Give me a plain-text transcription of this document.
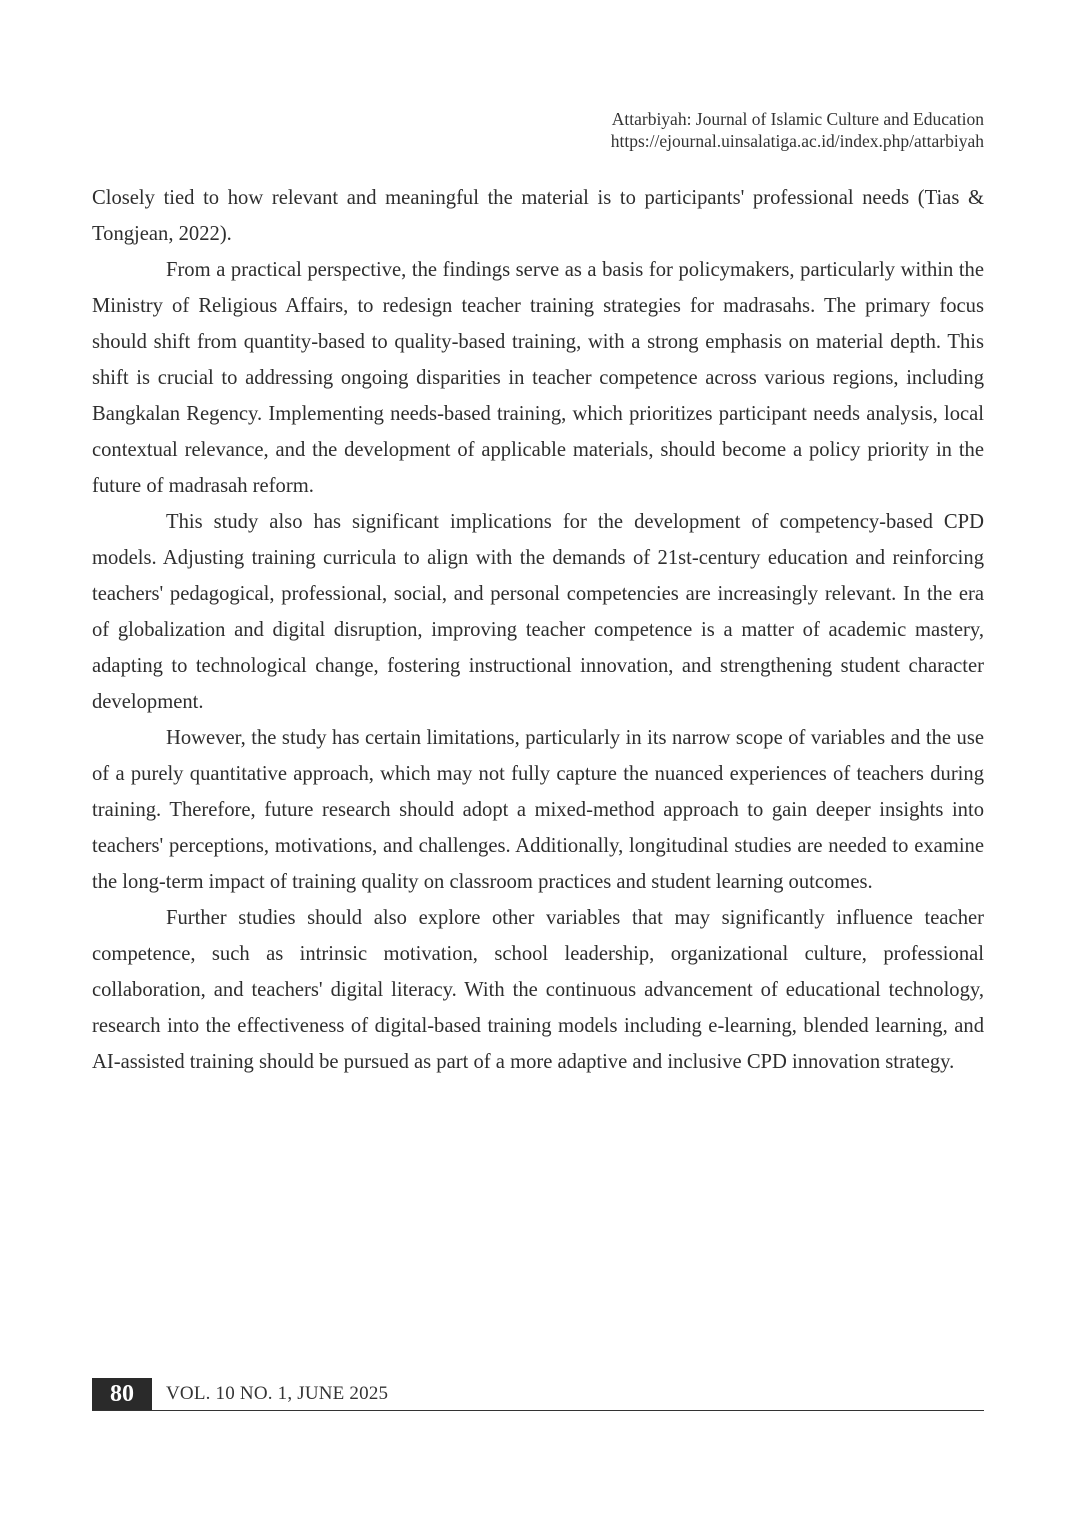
Attarbiyah: Journal of Islamic Culture and Education
https://ejournal.uinsalatiga.ac.id/index.php/attarbiyah

Closely tied to how relevant and meaningful the material is to participants' professional needs (Tias & Tongjean, 2022).

From a practical perspective, the findings serve as a basis for policymakers, particularly within the Ministry of Religious Affairs, to redesign teacher training strategies for madrasahs. The primary focus should shift from quantity-based to quality-based training, with a strong emphasis on material depth. This shift is crucial to addressing ongoing disparities in teacher competence across various regions, including Bangkalan Regency. Implementing needs-based training, which prioritizes participant needs analysis, local contextual relevance, and the development of applicable materials, should become a policy priority in the future of madrasah reform.

This study also has significant implications for the development of competency-based CPD models. Adjusting training curricula to align with the demands of 21st-century education and reinforcing teachers' pedagogical, professional, social, and personal competencies are increasingly relevant. In the era of globalization and digital disruption, improving teacher competence is a matter of academic mastery, adapting to technological change, fostering instructional innovation, and strengthening student character development.

However, the study has certain limitations, particularly in its narrow scope of variables and the use of a purely quantitative approach, which may not fully capture the nuanced experiences of teachers during training. Therefore, future research should adopt a mixed-method approach to gain deeper insights into teachers' perceptions, motivations, and challenges. Additionally, longitudinal studies are needed to examine the long-term impact of training quality on classroom practices and student learning outcomes.

Further studies should also explore other variables that may significantly influence teacher competence, such as intrinsic motivation, school leadership, organizational culture, professional collaboration, and teachers' digital literacy. With the continuous advancement of educational technology, research into the effectiveness of digital-based training models including e-learning, blended learning, and AI-assisted training should be pursued as part of a more adaptive and inclusive CPD innovation strategy.

80	VOL. 10 NO. 1, JUNE 2025
